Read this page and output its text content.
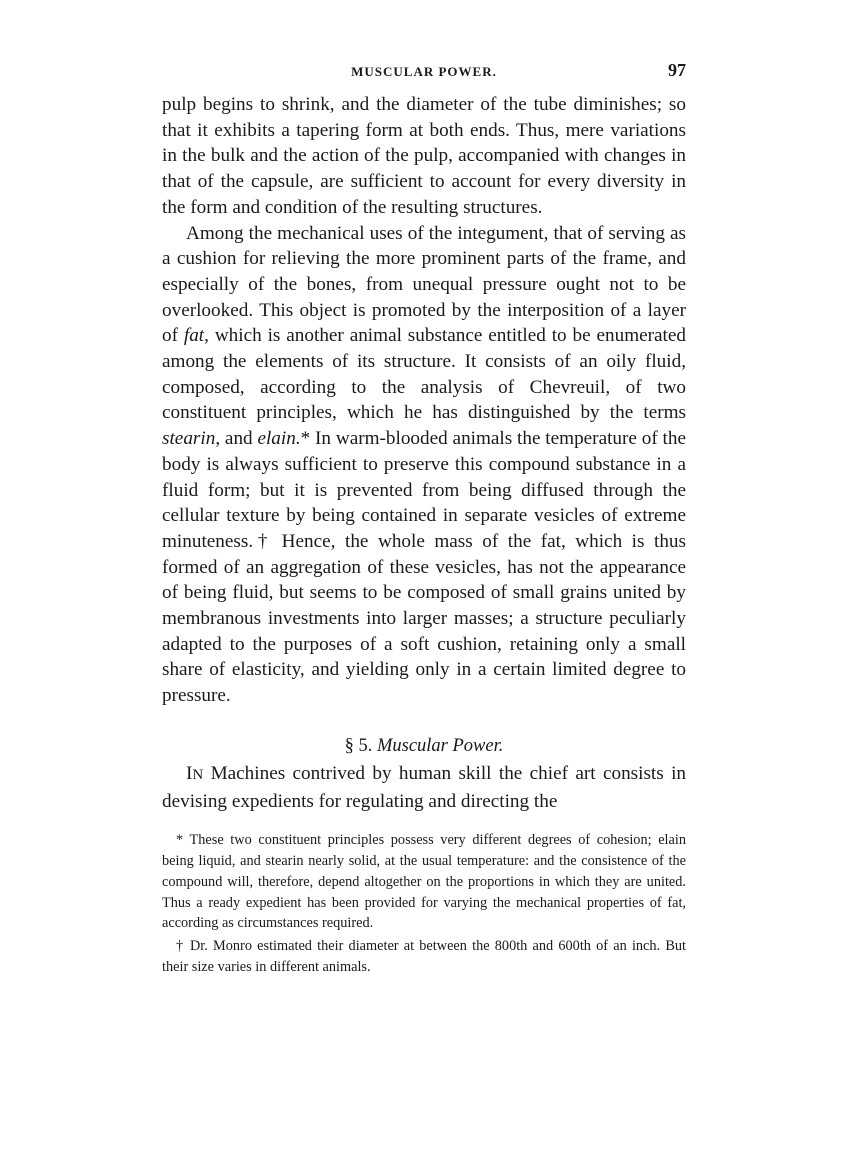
MUSCULAR POWER.	97

pulp begins to shrink, and the diameter of the tube diminishes; so that it exhibits a tapering form at both ends. Thus, mere variations in the bulk and the action of the pulp, accompanied with changes in that of the capsule, are sufficient to account for every diversity in the form and condition of the resulting structures.

Among the mechanical uses of the integument, that of serving as a cushion for relieving the more prominent parts of the frame, and especially of the bones, from unequal pressure ought not to be overlooked. This object is promoted by the interposition of a layer of fat, which is another animal substance entitled to be enumerated among the elements of its structure. It consists of an oily fluid, composed, according to the analysis of Chevreuil, of two constituent principles, which he has distinguished by the terms stearin, and elain.* In warm-blooded animals the temperature of the body is always sufficient to preserve this compound substance in a fluid form; but it is prevented from being diffused through the cellular texture by being contained in separate vesicles of extreme minuteness.† Hence, the whole mass of the fat, which is thus formed of an aggregation of these vesicles, has not the appearance of being fluid, but seems to be composed of small grains united by membranous investments into larger masses; a structure peculiarly adapted to the purposes of a soft cushion, retaining only a small share of elasticity, and yielding only in a certain limited degree to pressure.

§ 5. Muscular Power.

IN Machines contrived by human skill the chief art consists in devising expedients for regulating and directing the

* These two constituent principles possess very different degrees of cohesion; elain being liquid, and stearin nearly solid, at the usual temperature: and the consistence of the compound will, therefore, depend altogether on the proportions in which they are united. Thus a ready expedient has been provided for varying the mechanical properties of fat, according as circumstances required.

† Dr. Monro estimated their diameter at between the 800th and 600th of an inch. But their size varies in different animals.
